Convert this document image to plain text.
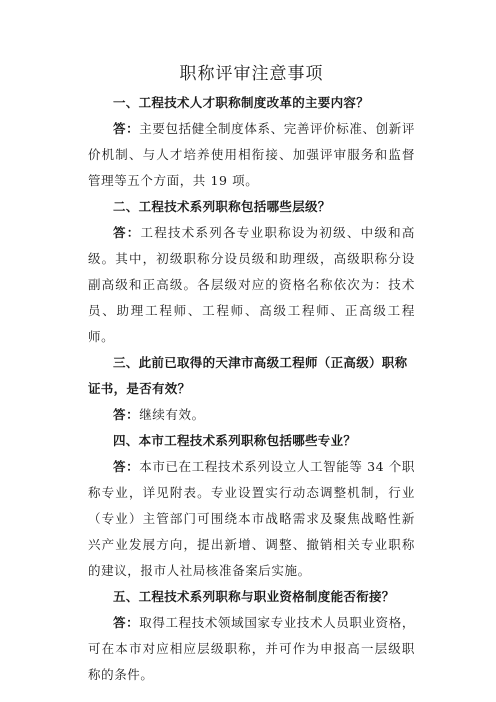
职称评审注意事项

一、工程技术人才职称制度改革的主要内容？

答：主要包括健全制度体系、完善评价标准、创新评价机制、与人才培养使用相衔接、加强评审服务和监督管理等五个方面，共 19 项。

二、工程技术系列职称包括哪些层级？

答：工程技术系列各专业职称设为初级、中级和高级。其中，初级职称分设员级和助理级，高级职称分设副高级和正高级。各层级对应的资格名称依次为：技术员、助理工程师、工程师、高级工程师、正高级工程师。

三、此前已取得的天津市高级工程师（正高级）职称证书，是否有效？

答：继续有效。

四、本市工程技术系列职称包括哪些专业？

答：本市已在工程技术系列设立人工智能等 34 个职称专业，详见附表。专业设置实行动态调整机制，行业（专业）主管部门可围绕本市战略需求及聚焦战略性新兴产业发展方向，提出新增、调整、撤销相关专业职称的建议，报市人社局核准备案后实施。

五、工程技术系列职称与职业资格制度能否衔接？

答：取得工程技术领域国家专业技术人员职业资格，可在本市对应相应层级职称，并可作为申报高一层级职称的条件。
